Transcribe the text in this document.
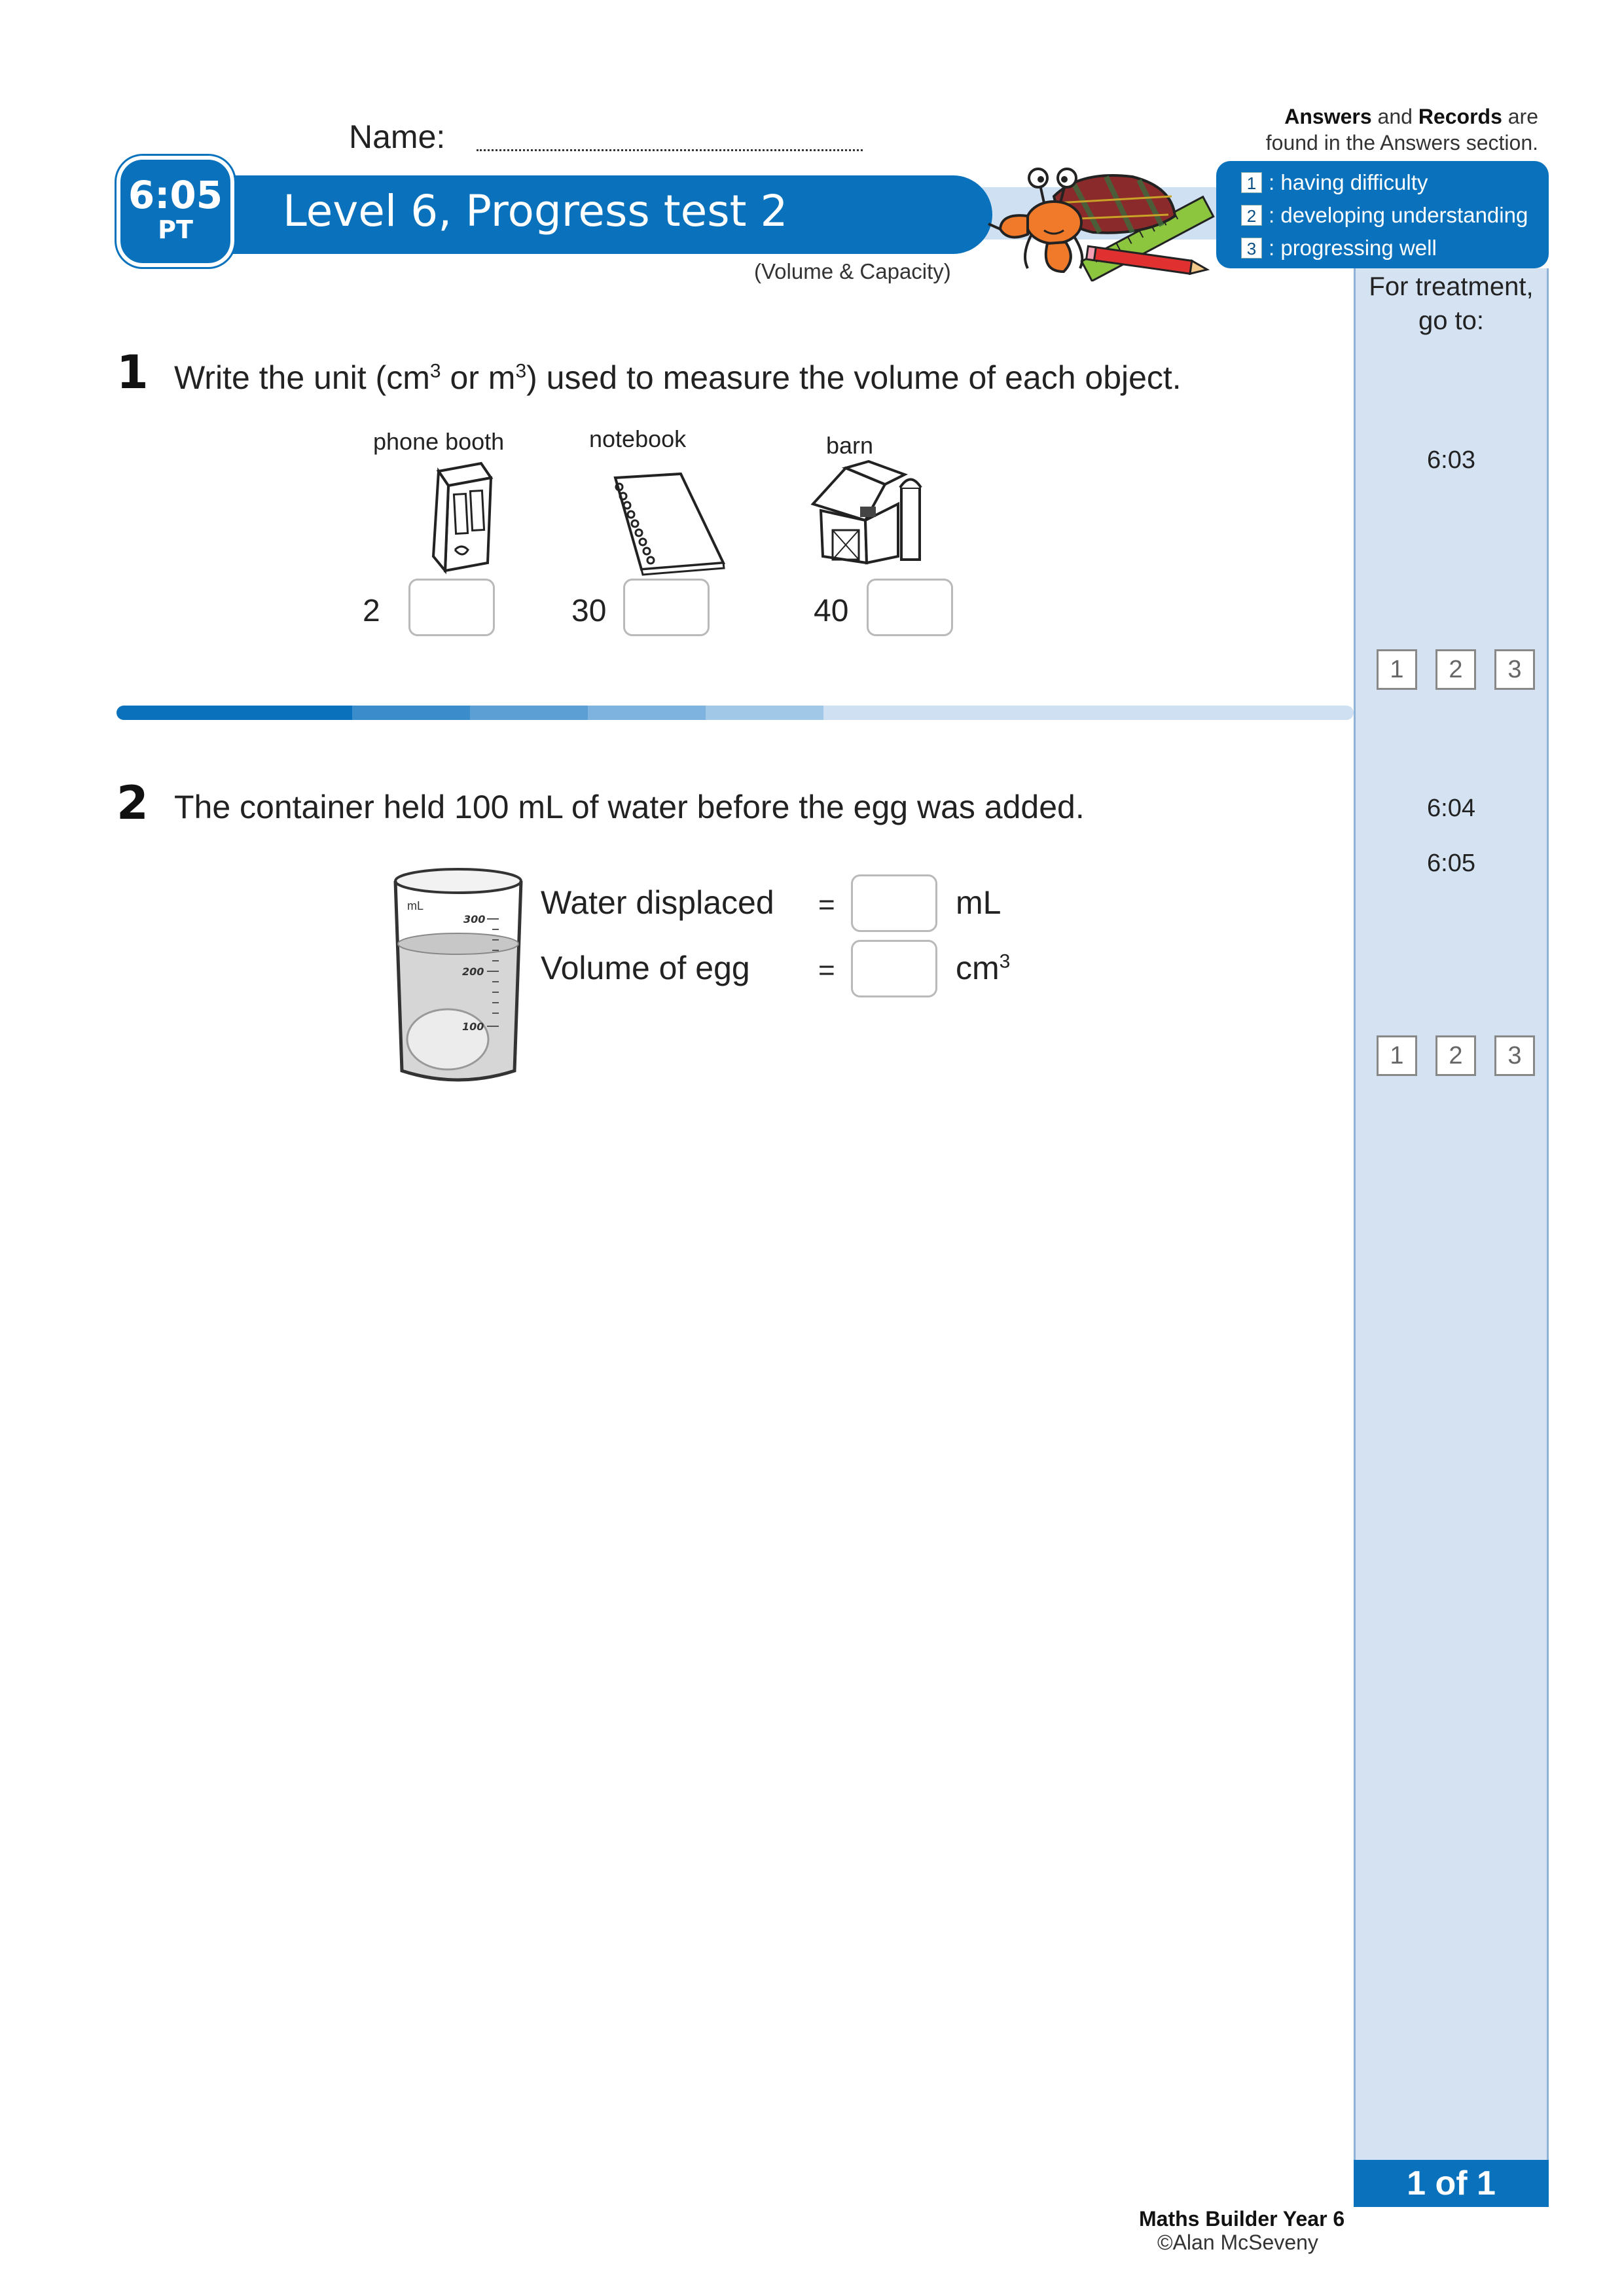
Name:
6:05
PT	Level 6, Progress test 2
(Volume & Capacity)
Answers and Records are
found in the Answers section.
1 : having difficulty
2 : developing understanding
3 : progressing well
For treatment,
go to:
6:03
1	2	3
6:04
6:05
1	2	3
1 of 1
1 Write the unit ($cm^3$ or $m^3$) used to measure the volume of each object.
phone booth	notebook	barn
2	30	40
2 The container held 100 mL of water before the egg was added.
mL
300
200
100
Water displaced =	mL
Volume of egg =	$cm^3$
Maths Builder Year 6
©Alan McSeveny
